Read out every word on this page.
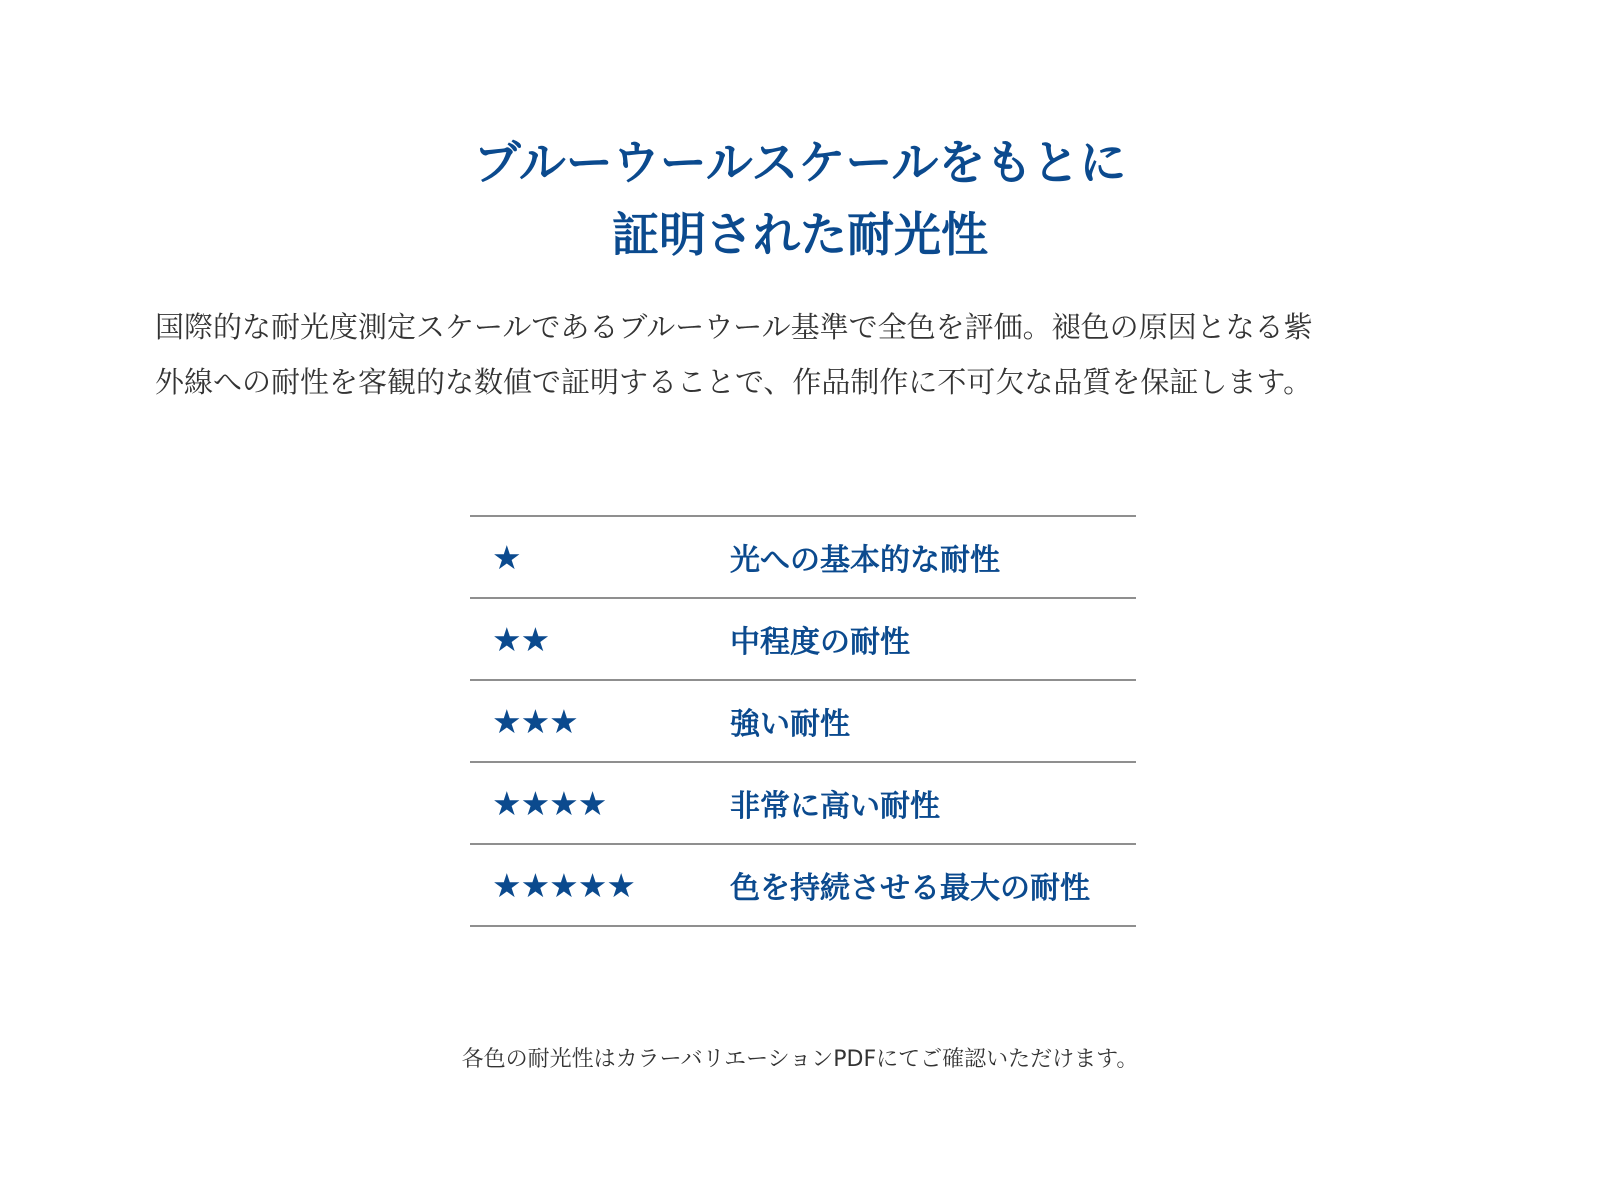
ブルーウールスケールをもとに
証明された耐光性

国際的な耐光度測定スケールであるブルーウール基準で全色を評価。褪色の原因となる紫
外線への耐性を客観的な数値で証明することで、作品制作に不可欠な品質を保証します。

★	光への基本的な耐性
★★	中程度の耐性
★★★	強い耐性
★★★★	非常に高い耐性
★★★★★	色を持続させる最大の耐性

各色の耐光性はカラーバリエーションPDFにてご確認いただけます。
